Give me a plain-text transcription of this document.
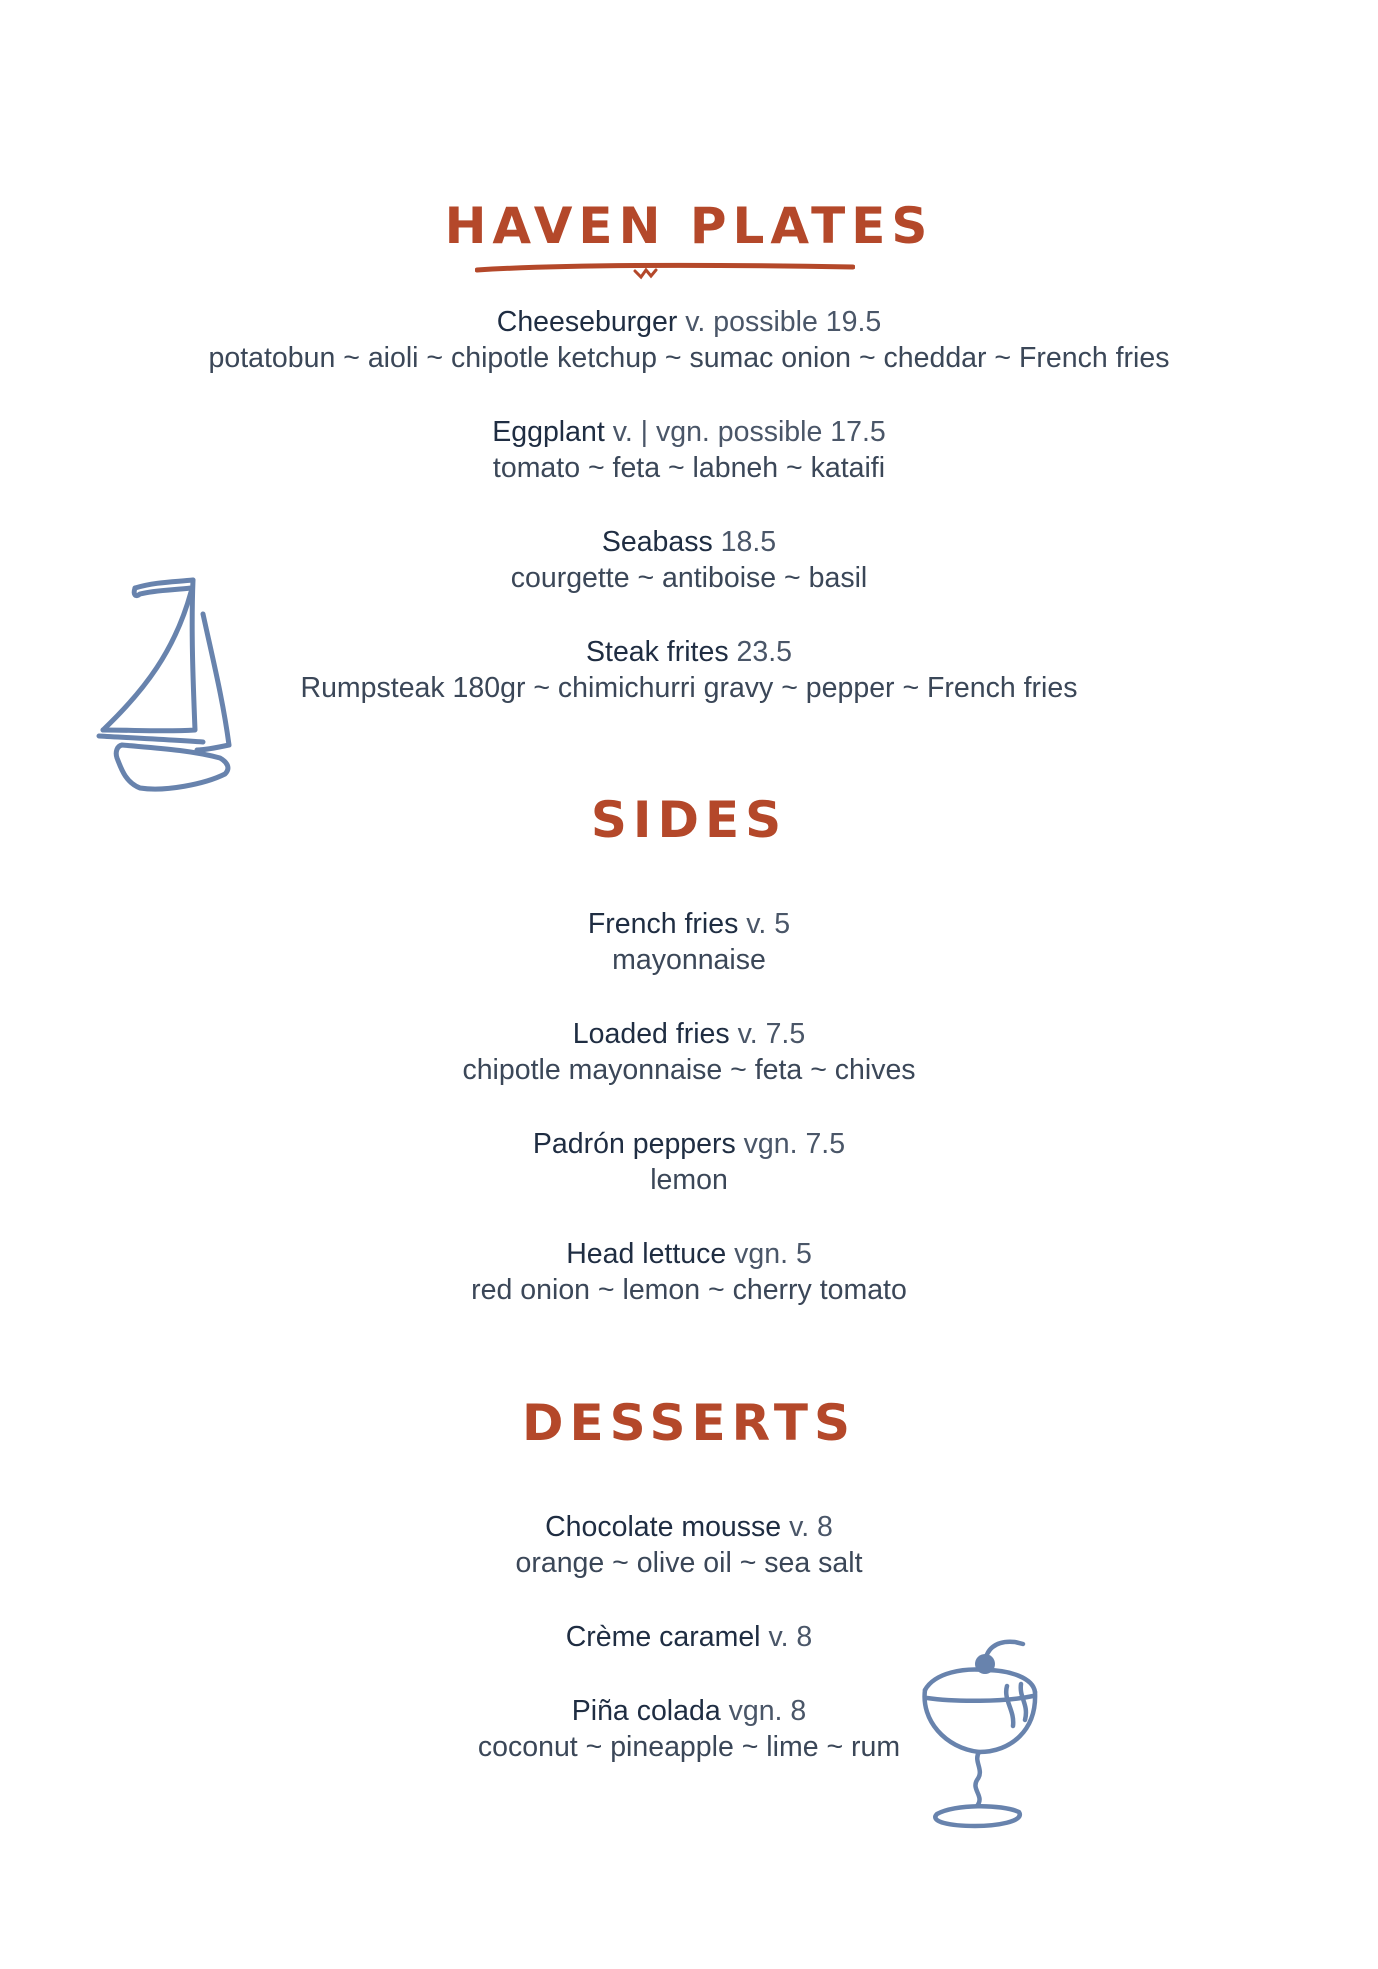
HAVEN PLATES
Cheeseburger v. possible 19.5
potatobun ~ aioli ~ chipotle ketchup ~ sumac onion ~ cheddar ~ French fries
Eggplant v. | vgn. possible 17.5
tomato ~ feta ~ labneh ~ kataifi
Seabass 18.5
courgette ~ antiboise ~ basil
Steak frites 23.5
Rumpsteak 180gr ~ chimichurri gravy ~ pepper ~ French fries
SIDES
French fries v. 5
mayonnaise
Loaded fries v. 7.5
chipotle mayonnaise ~ feta ~ chives
Padrón peppers vgn. 7.5
lemon
Head lettuce vgn. 5
red onion ~ lemon ~ cherry tomato
DESSERTS
Chocolate mousse v. 8
orange ~ olive oil ~ sea salt
Crème caramel v. 8
Piña colada vgn. 8
coconut ~ pineapple ~ lime ~ rum
